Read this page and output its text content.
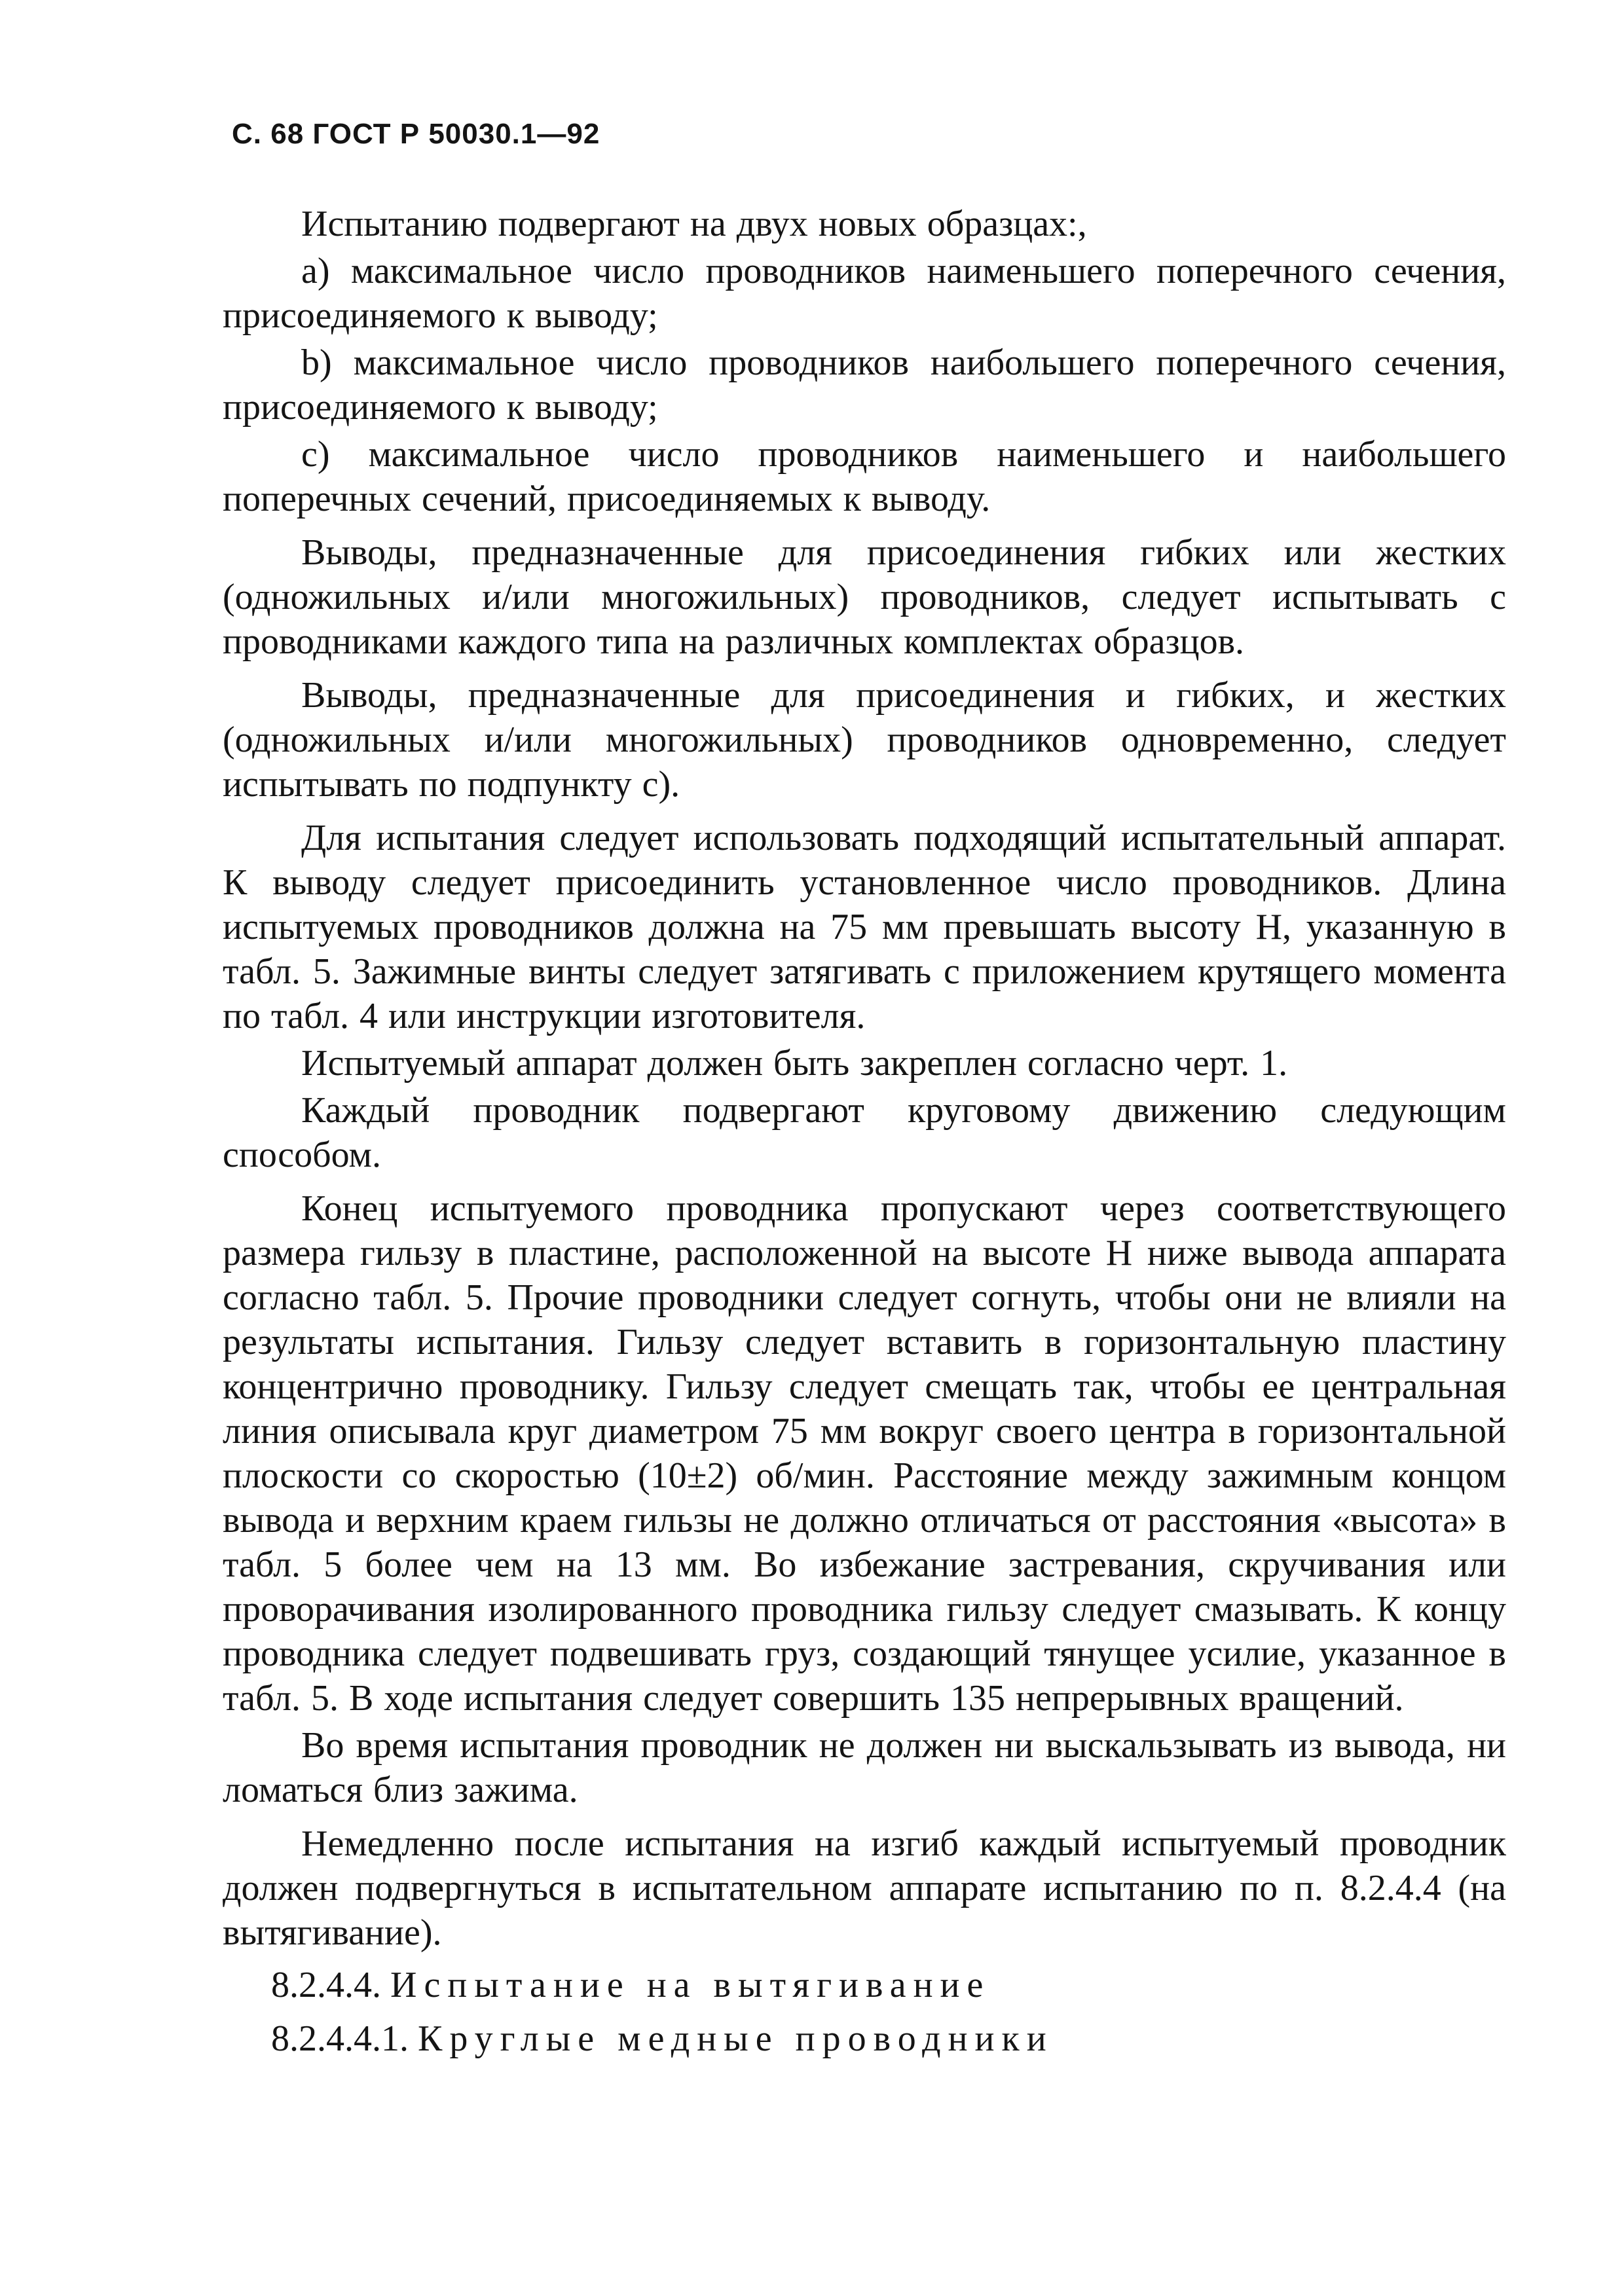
С. 68 ГОСТ Р 50030.1—92

Испытанию подвергают на двух новых образцах:,

а) максимальное число проводников наименьшего поперечного сечения, присоединяемого к выводу;

b) максимальное число проводников наибольшего поперечного сечения, присоединяемого к выводу;

с) максимальное число проводников наименьшего и наибольшего поперечных сечений, присоединяемых к выводу.

Выводы, предназначенные для присоединения гибких или жестких (одножильных и/или многожильных) проводников, следует испытывать с проводниками каждого типа на различных комплектах образцов.

Выводы, предназначенные для присоединения и гибких, и жестких (одножильных и/или многожильных) проводников одновременно, следует испытывать по подпункту с).

Для испытания следует использовать подходящий испытательный аппарат. К выводу следует присоединить установленное число проводников. Длина испытуемых проводников должна на 75 мм превышать высоту H, указанную в табл. 5. Зажимные винты следует затягивать с приложением крутящего момента по табл. 4 или инструкции изготовителя.

Испытуемый аппарат должен быть закреплен согласно черт. 1.

Каждый проводник подвергают круговому движению следующим способом.

Конец испытуемого проводника пропускают через соответствующего размера гильзу в пластине, расположенной на высоте H ниже вывода аппарата согласно табл. 5. Прочие проводники следует согнуть, чтобы они не влияли на результаты испытания. Гильзу следует вставить в горизонтальную пластину концентрично проводнику. Гильзу следует смещать так, чтобы ее центральная линия описывала круг диаметром 75 мм вокруг своего центра в горизонтальной плоскости со скоростью (10±2) об/мин. Расстояние между зажимным концом вывода и верхним краем гильзы не должно отличаться от расстояния «высота» в табл. 5 более чем на 13 мм. Во избежание застревания, скручивания или проворачивания изолированного проводника гильзу следует смазывать. К концу проводника следует подвешивать груз, создающий тянущее усилие, указанное в табл. 5. В ходе испытания следует совершить 135 непрерывных вращений.

Во время испытания проводник не должен ни выскальзывать из вывода, ни ломаться близ зажима.

Немедленно после испытания на изгиб каждый испытуемый проводник должен подвергнуться в испытательном аппарате испытанию по п. 8.2.4.4 (на вытягивание).

8.2.4.4. Испытание на вытягивание
8.2.4.4.1. Круглые медные проводники
